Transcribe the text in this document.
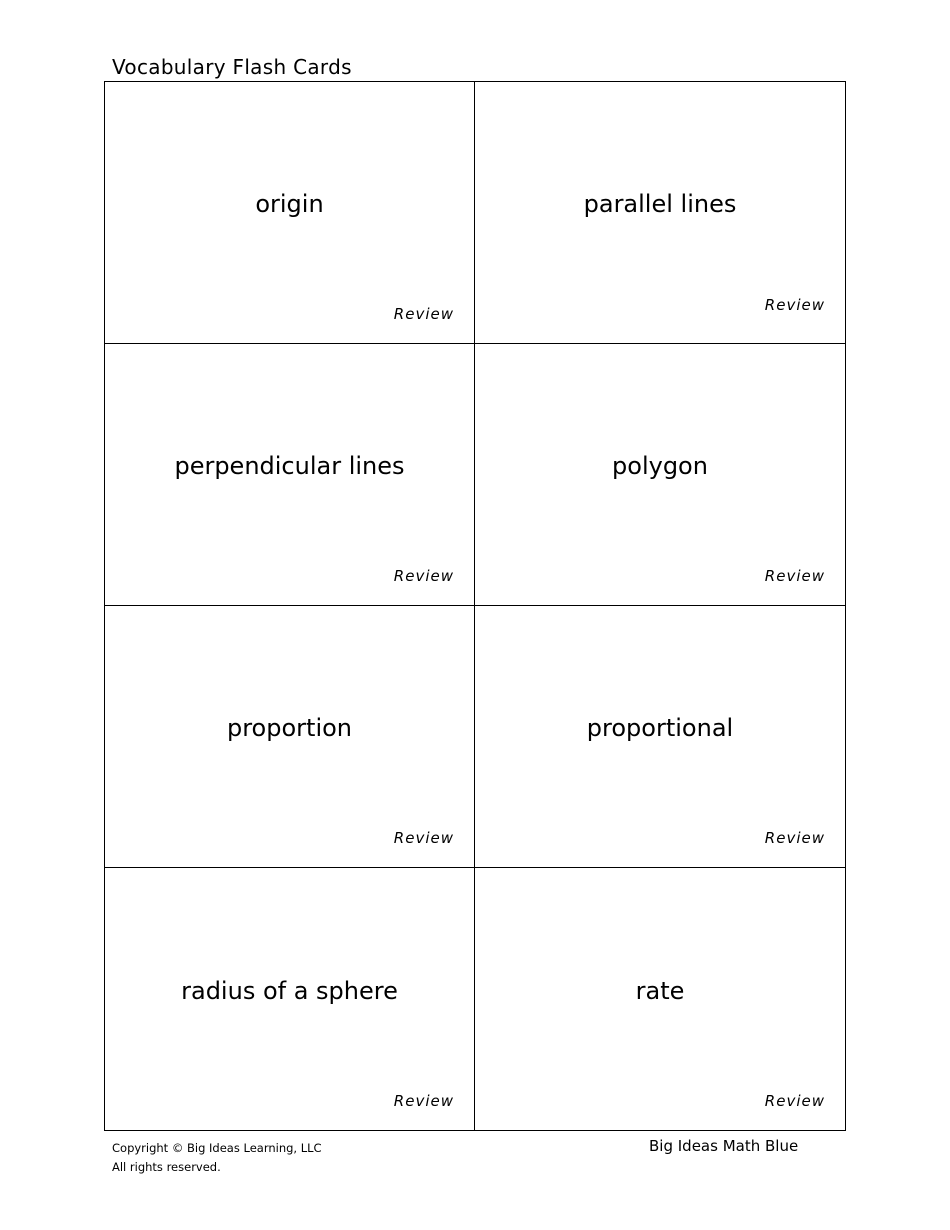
Vocabulary Flash Cards
origin
Review
parallel lines
Review
perpendicular lines
Review
polygon
Review
proportion
Review
proportional
Review
radius of a sphere
Review
rate
Review
Copyright © Big Ideas Learning, LLC
All rights reserved.
Big Ideas Math Blue
